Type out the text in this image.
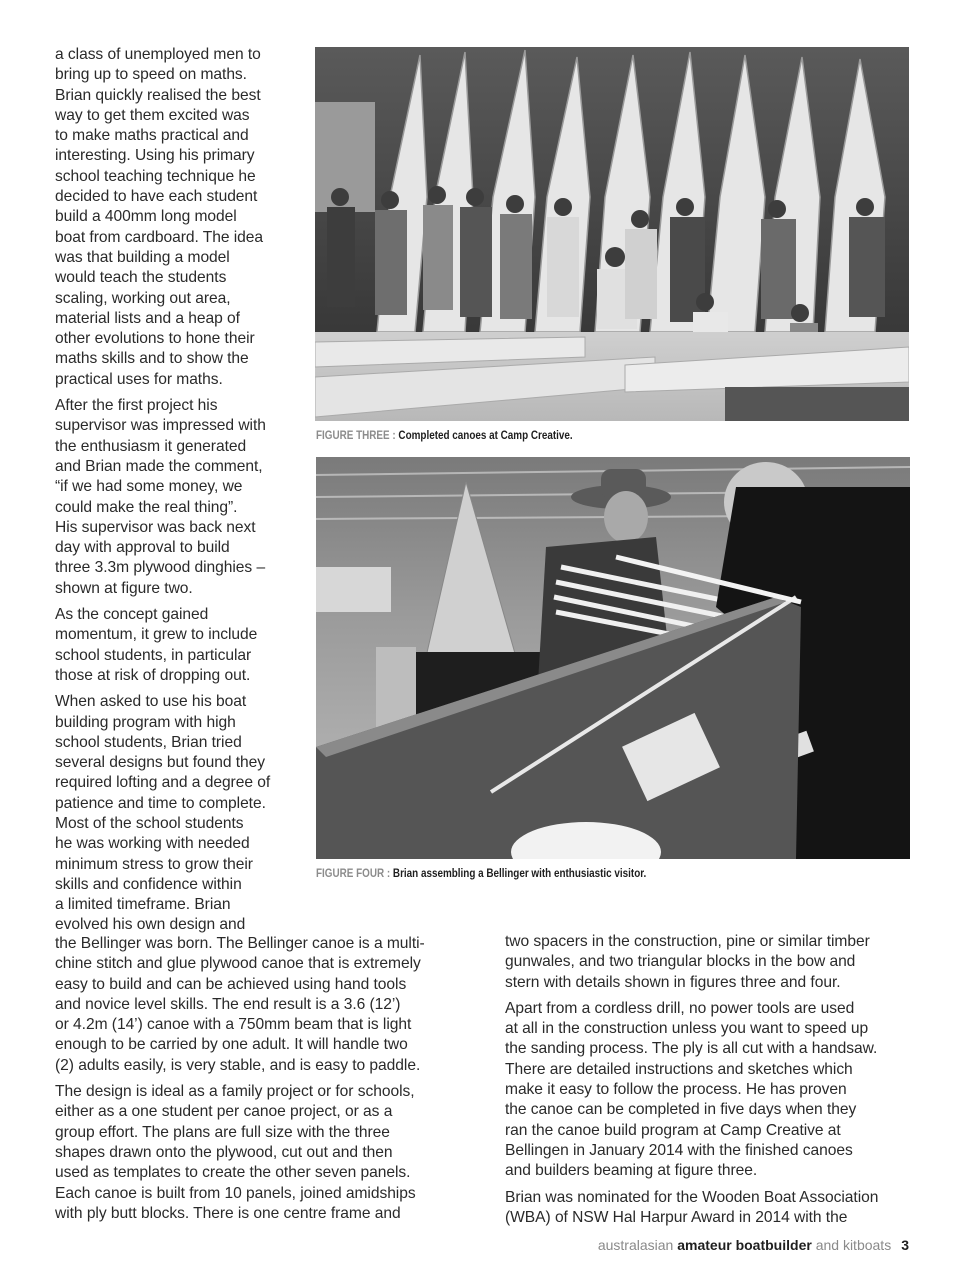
a class of unemployed men to
bring up to speed on maths.
Brian quickly realised the best
way to get them excited was
to make maths practical and
interesting. Using his primary
school teaching technique he
decided to have each student
build a 400mm long model
boat from cardboard. The idea
was that building a model
would teach the students
scaling, working out area,
material lists and a heap of
other evolutions to hone their
maths skills and to show the
practical uses for maths.

After the first project his
supervisor was impressed with
the enthusiasm it generated
and Brian made the comment,
“if we had some money, we
could make the real thing”.
His supervisor was back next
day with approval to build
three 3.3m plywood dinghies –
shown at figure two.

As the concept gained
momentum, it grew to include
school students, in particular
those at risk of dropping out.

When asked to use his boat
building program with high
school students, Brian tried
several designs but found they
required lofting and a degree of
patience and time to complete.
Most of the school students
he was working with needed
minimum stress to grow their
skills and confidence within
a limited timeframe. Brian
evolved his own design and

FIGURE THREE : Completed canoes at Camp Creative.
FIGURE FOUR : Brian assembling a Bellinger with enthusiastic visitor.

the Bellinger was born. The Bellinger canoe is a multi-
chine stitch and glue plywood canoe that is extremely
easy to build and can be achieved using hand tools
and novice level skills. The end result is a 3.6 (12’)
or 4.2m (14’) canoe with a 750mm beam that is light
enough to be carried by one adult. It will handle two
(2) adults easily, is very stable, and is easy to paddle.

The design is ideal as a family project or for schools,
either as a one student per canoe project, or as a
group effort. The plans are full size with the three
shapes drawn onto the plywood, cut out and then
used as templates to create the other seven panels.
Each canoe is built from 10 panels, joined amidships
with ply butt blocks. There is one centre frame and

two spacers in the construction, pine or similar timber
gunwales, and two triangular blocks in the bow and
stern with details shown in figures three and four.

Apart from a cordless drill, no power tools are used
at all in the construction unless you want to speed up
the sanding process. The ply is all cut with a handsaw.
There are detailed instructions and sketches which
make it easy to follow the process. He has proven
the canoe can be completed in five days when they
ran the canoe build program at Camp Creative at
Bellingen in January 2014 with the finished canoes
and builders beaming at figure three.

Brian was nominated for the Wooden Boat Association
(WBA) of NSW Hal Harpur Award in 2014 with the

australasian amateur boatbuilder and kitboats 3
